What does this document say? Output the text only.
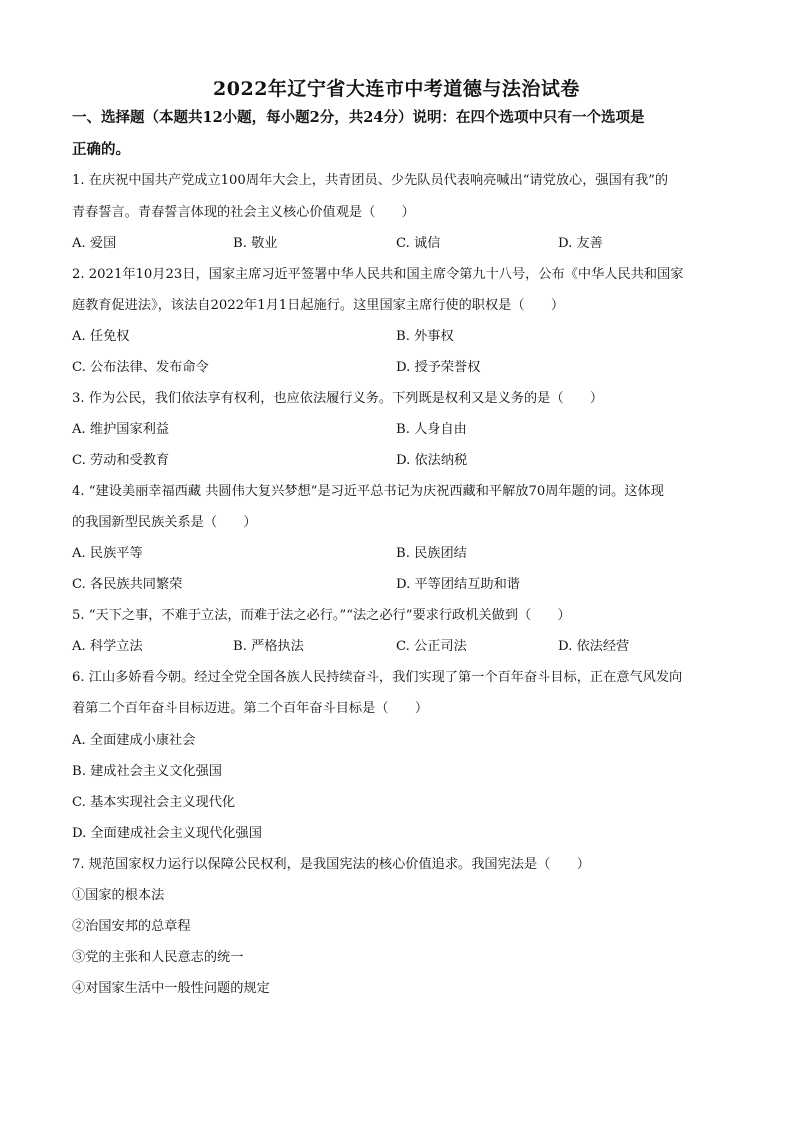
2022年辽宁省大连市中考道德与法治试卷
一、选择题（本题共12小题，每小题2分，共24分）说明：在四个选项中只有一个选项是
正确的。
1. 在庆祝中国共产党成立100周年大会上，共青团员、少先队员代表响亮喊出“请党放心，强国有我”的
青春誓言。青春誓言体现的社会主义核心价值观是（　　）
A. 爱国	B. 敬业	C. 诚信	D. 友善
2. 2021年10月23日，国家主席习近平签署中华人民共和国主席令第九十八号，公布《中华人民共和国家
庭教育促进法》，该法自2022年1月1日起施行。这里国家主席行使的职权是（　　）
A. 任免权	B. 外事权
C. 公布法律、发布命令	D. 授予荣誉权
3. 作为公民，我们依法享有权利，也应依法履行义务。下列既是权利又是义务的是（　　）
A. 维护国家利益	B. 人身自由
C. 劳动和受教育	D. 依法纳税
4. “建设美丽幸福西藏 共圆伟大复兴梦想”是习近平总书记为庆祝西藏和平解放70周年题的词。这体现
的我国新型民族关系是（　　）
A. 民族平等	B. 民族团结
C. 各民族共同繁荣	D. 平等团结互助和谐
5. “天下之事，不难于立法，而难于法之必行。”“法之必行”要求行政机关做到（　　）
A. 科学立法	B. 严格执法	C. 公正司法	D. 依法经营
6. 江山多娇看今朝。经过全党全国各族人民持续奋斗，我们实现了第一个百年奋斗目标，正在意气风发向
着第二个百年奋斗目标迈进。第二个百年奋斗目标是（　　）
A. 全面建成小康社会
B. 建成社会主义文化强国
C. 基本实现社会主义现代化
D. 全面建成社会主义现代化强国
7. 规范国家权力运行以保障公民权利，是我国宪法的核心价值追求。我国宪法是（　　）
①国家的根本法
②治国安邦的总章程
③党的主张和人民意志的统一
④对国家生活中一般性问题的规定
